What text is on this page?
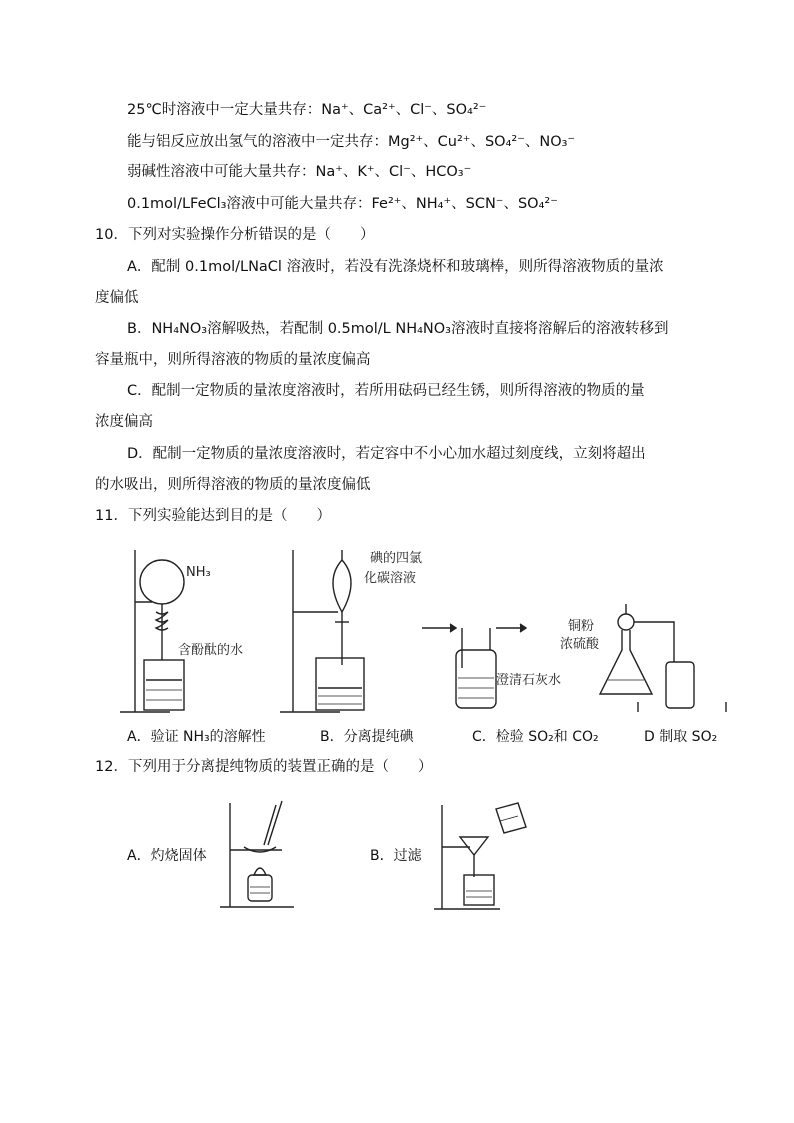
25℃时溶液中一定大量共存：Na⁺、Ca²⁺、Cl⁻、SO₄²⁻
能与铝反应放出氢气的溶液中一定共存：Mg²⁺、Cu²⁺、SO₄²⁻、NO₃⁻
弱碱性溶液中可能大量共存：Na⁺、K⁺、Cl⁻、HCO₃⁻
0.1mol/LFeCl₃溶液中可能大量共存：Fe²⁺、NH₄⁺、SCN⁻、SO₄²⁻
10．下列对实验操作分析错误的是（　　）
A．配制 0.1mol/LNaCl 溶液时，若没有洗涤烧杯和玻璃棒，则所得溶液物质的量浓
度偏低
B．NH₄NO₃溶解吸热，若配制 0.5mol/L NH₄NO₃溶液时直接将溶解后的溶液转移到
容量瓶中，则所得溶液的物质的量浓度偏高
C．配制一定物质的量浓度溶液时，若所用砝码已经生锈，则所得溶液的物质的量
浓度偏高
D．配制一定物质的量浓度溶液时，若定容中不小心加水超过刻度线，立刻将超出
的水吸出，则所得溶液的物质的量浓度偏低
11．下列实验能达到目的是（　　）
NH₃
含酚酞的水
碘的四氯
化碳溶液
澄清石灰水
铜粉
浓硫酸
A．验证 NH₃的溶解性	B．分离提纯碘	C．检验 SO₂和 CO₂	D 制取 SO₂
12．下列用于分离提纯物质的装置正确的是（　　）
A．灼烧固体	B．过滤
